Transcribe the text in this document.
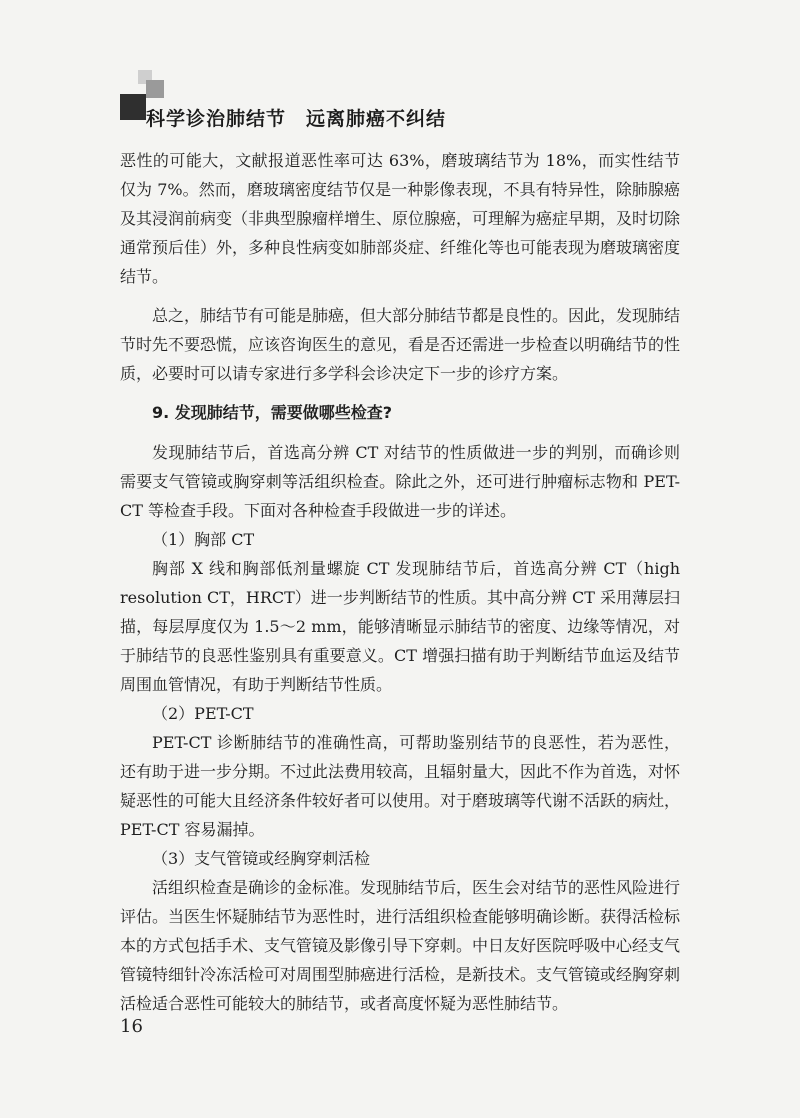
科学诊治肺结节 远离肺癌不纠结

恶性的可能大，文献报道恶性率可达 63%，磨玻璃结节为 18%，而实性结节仅为 7%。然而，磨玻璃密度结节仅是一种影像表现，不具有特异性，除肺腺癌及其浸润前病变（非典型腺瘤样增生、原位腺癌，可理解为癌症早期，及时切除通常预后佳）外，多种良性病变如肺部炎症、纤维化等也可能表现为磨玻璃密度结节。

总之，肺结节有可能是肺癌，但大部分肺结节都是良性的。因此，发现肺结节时先不要恐慌，应该咨询医生的意见，看是否还需进一步检查以明确结节的性质，必要时可以请专家进行多学科会诊决定下一步的诊疗方案。

9. 发现肺结节，需要做哪些检查?

发现肺结节后，首选高分辨 CT 对结节的性质做进一步的判别，而确诊则需要支气管镜或胸穿刺等活组织检查。除此之外，还可进行肿瘤标志物和 PET-CT 等检查手段。下面对各种检查手段做进一步的详述。

（1）胸部 CT

胸部 X 线和胸部低剂量螺旋 CT 发现肺结节后，首选高分辨 CT（high resolution CT，HRCT）进一步判断结节的性质。其中高分辨 CT 采用薄层扫描，每层厚度仅为 1.5～2 mm，能够清晰显示肺结节的密度、边缘等情况，对于肺结节的良恶性鉴别具有重要意义。CT 增强扫描有助于判断结节血运及结节周围血管情况，有助于判断结节性质。

（2）PET-CT

PET-CT 诊断肺结节的准确性高，可帮助鉴别结节的良恶性，若为恶性，还有助于进一步分期。不过此法费用较高，且辐射量大，因此不作为首选，对怀疑恶性的可能大且经济条件较好者可以使用。对于磨玻璃等代谢不活跃的病灶，PET-CT 容易漏掉。

（3）支气管镜或经胸穿刺活检

活组织检查是确诊的金标准。发现肺结节后，医生会对结节的恶性风险进行评估。当医生怀疑肺结节为恶性时，进行活组织检查能够明确诊断。获得活检标本的方式包括手术、支气管镜及影像引导下穿刺。中日友好医院呼吸中心经支气管镜特细针冷冻活检可对周围型肺癌进行活检，是新技术。支气管镜或经胸穿刺活检适合恶性可能较大的肺结节，或者高度怀疑为恶性肺结节。

16
